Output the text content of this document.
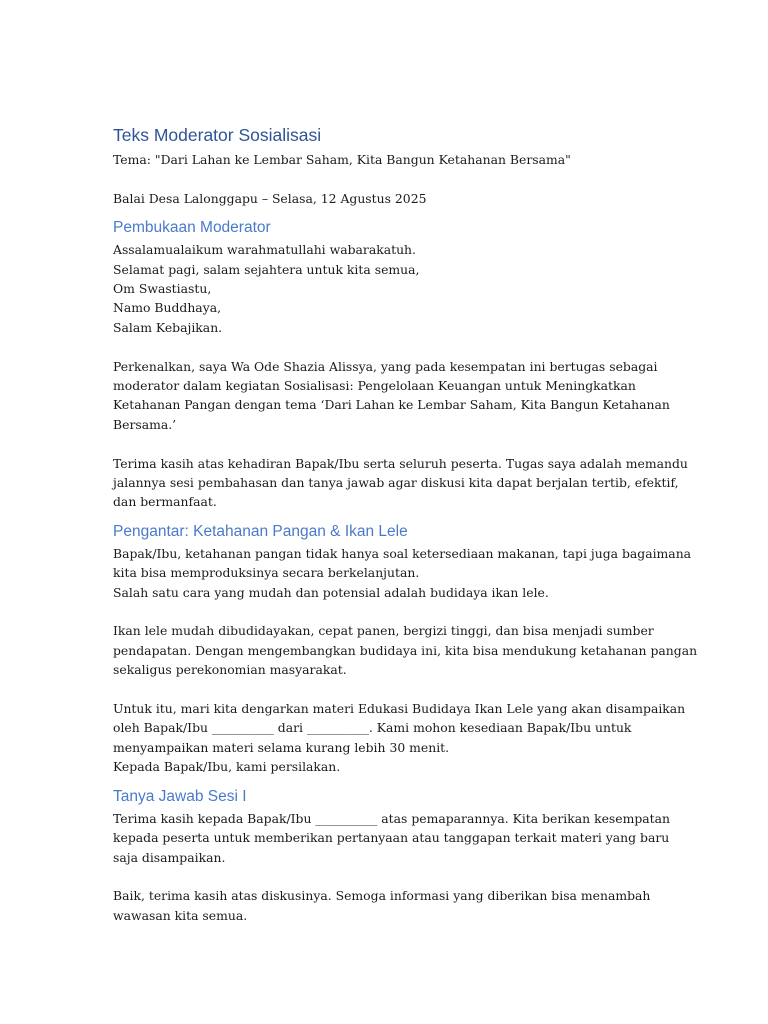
Teks Moderator Sosialisasi
Tema: "Dari Lahan ke Lembar Saham, Kita Bangun Ketahanan Bersama"
Balai Desa Lalonggapu – Selasa, 12 Agustus 2025
Pembukaan Moderator
Assalamualaikum warahmatullahi wabarakatuh.
Selamat pagi, salam sejahtera untuk kita semua,
Om Swastiastu,
Namo Buddhaya,
Salam Kebajikan.
Perkenalkan, saya Wa Ode Shazia Alissya, yang pada kesempatan ini bertugas sebagai
moderator dalam kegiatan Sosialisasi: Pengelolaan Keuangan untuk Meningkatkan
Ketahanan Pangan dengan tema ‘Dari Lahan ke Lembar Saham, Kita Bangun Ketahanan
Bersama.’
Terima kasih atas kehadiran Bapak/Ibu serta seluruh peserta. Tugas saya adalah memandu
jalannya sesi pembahasan dan tanya jawab agar diskusi kita dapat berjalan tertib, efektif,
dan bermanfaat.
Pengantar: Ketahanan Pangan & Ikan Lele
Bapak/Ibu, ketahanan pangan tidak hanya soal ketersediaan makanan, tapi juga bagaimana
kita bisa memproduksinya secara berkelanjutan.
Salah satu cara yang mudah dan potensial adalah budidaya ikan lele.
Ikan lele mudah dibudidayakan, cepat panen, bergizi tinggi, dan bisa menjadi sumber
pendapatan. Dengan mengembangkan budidaya ini, kita bisa mendukung ketahanan pangan
sekaligus perekonomian masyarakat.
Untuk itu, mari kita dengarkan materi Edukasi Budidaya Ikan Lele yang akan disampaikan
oleh Bapak/Ibu __________ dari __________. Kami mohon kesediaan Bapak/Ibu untuk
menyampaikan materi selama kurang lebih 30 menit.
Kepada Bapak/Ibu, kami persilakan.
Tanya Jawab Sesi I
Terima kasih kepada Bapak/Ibu __________ atas pemaparannya. Kita berikan kesempatan
kepada peserta untuk memberikan pertanyaan atau tanggapan terkait materi yang baru
saja disampaikan.
Baik, terima kasih atas diskusinya. Semoga informasi yang diberikan bisa menambah
wawasan kita semua.
